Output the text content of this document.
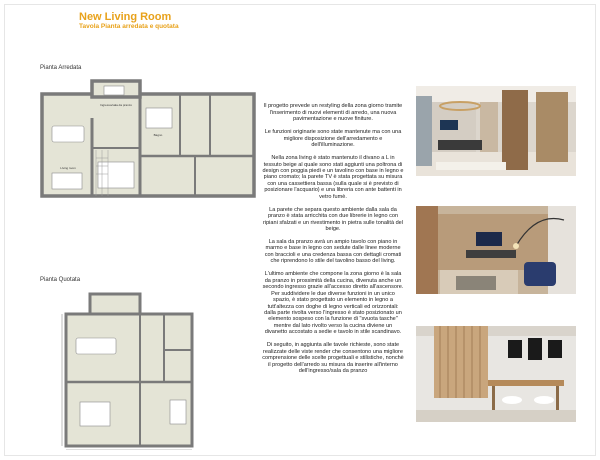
New Living Room
Tavola Pianta arredata e quotata
Pianta Arredata
Pianta Quotata
Ingresso/sala da pranzo
Bagno
Living room

Il progetto prevede un restyling della zona giorno tramite l'inserimento di nuovi elementi di arredo, una nuova pavimentazione e nuove finiture.

Le funzioni originarie sono state mantenute ma con una migliore disposizione dell'arredamento e dell'illuminazione.

Nella zona living è stato mantenuto il divano a L in tessuto beige al quale sono stati aggiunti una poltrona di design con poggia piedi e un tavolino con base in legno e piano cromato; la parete TV è stata progettata su misura con una cassettiera bassa (sulla quale si è previsto di posizionare l'acquario) e una libreria con ante battenti in vetro fumè.

La parete che separa questo ambiente dalla sala da pranzo è stata arricchita con due librerie in legno con ripiani sfalzati e un rivestimento in pietra sulle tonalità del beige.

La sala da pranzo avrà un ampio tavolo con piano in marmo e base in legno con sedute dalle linee moderne con braccioli e una credenza bassa con dettagli cromati che riprendono lo stile del tavolino basso del living.

L'ultimo ambiente che compone la zona giorno è la sala da pranzo in prossimità della cucina, divenuta anche un secondo ingresso grazie all'accesso diretto all'ascensore. Per suddividere le due diverse funzioni in un unico spazio, è stato progettato un elemento in legno a tutt'altezza con doghe di legno verticali ed orizzontali: dalla parte rivolta verso l'ingresso è stato posizionato un elemento sospeso con la funzione di "svuota tasche" mentre dal lato rivolto verso la cucina diviene un divanetto accostato a sedie e tavolo in stile scandinavo.

Di seguito, in aggiunta alle tavole richieste, sono state realizzate delle viste render che consentono una migliore comprensione delle scelte progettuali e stilistiche, nonchè il progetto dell'arredo su misura da inserire all'interno dell'ingresso/sala da pranzo
